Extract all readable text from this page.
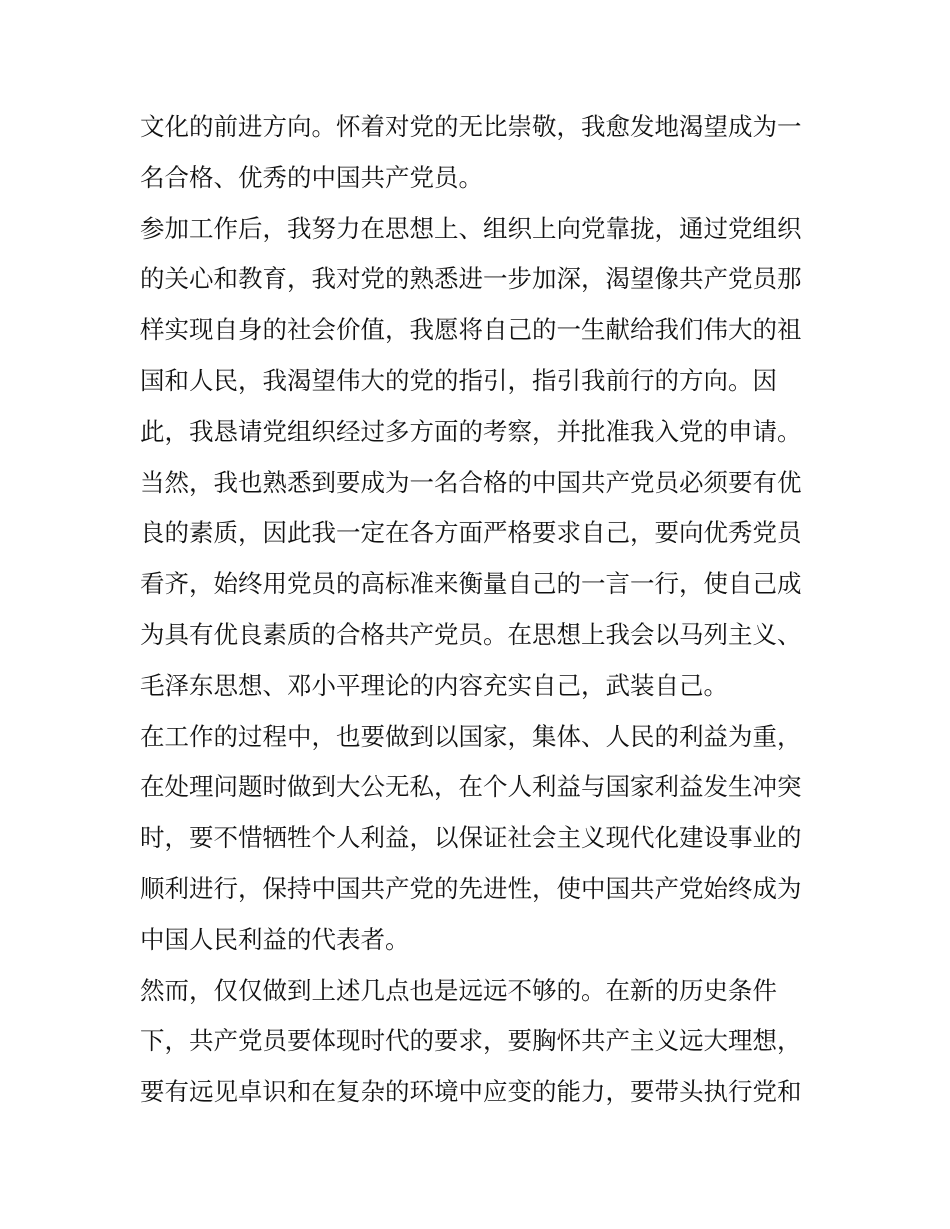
文化的前进方向。怀着对党的无比崇敬，我愈发地渴望成为一
名合格、优秀的中国共产党员。
参加工作后，我努力在思想上、组织上向党靠拢，通过党组织
的关心和教育，我对党的熟悉进一步加深，渴望像共产党员那
样实现自身的社会价值，我愿将自己的一生献给我们伟大的祖
国和人民，我渴望伟大的党的指引，指引我前行的方向。因
此，我恳请党组织经过多方面的考察，并批准我入党的申请。
当然，我也熟悉到要成为一名合格的中国共产党员必须要有优
良的素质，因此我一定在各方面严格要求自己，要向优秀党员
看齐，始终用党员的高标准来衡量自己的一言一行，使自己成
为具有优良素质的合格共产党员。在思想上我会以马列主义、
毛泽东思想、邓小平理论的内容充实自己，武装自己。
在工作的过程中，也要做到以国家，集体、人民的利益为重，
在处理问题时做到大公无私，在个人利益与国家利益发生冲突
时，要不惜牺牲个人利益，以保证社会主义现代化建设事业的
顺利进行，保持中国共产党的先进性，使中国共产党始终成为
中国人民利益的代表者。
然而，仅仅做到上述几点也是远远不够的。在新的历史条件
下，共产党员要体现时代的要求，要胸怀共产主义远大理想，
要有远见卓识和在复杂的环境中应变的能力，要带头执行党和
